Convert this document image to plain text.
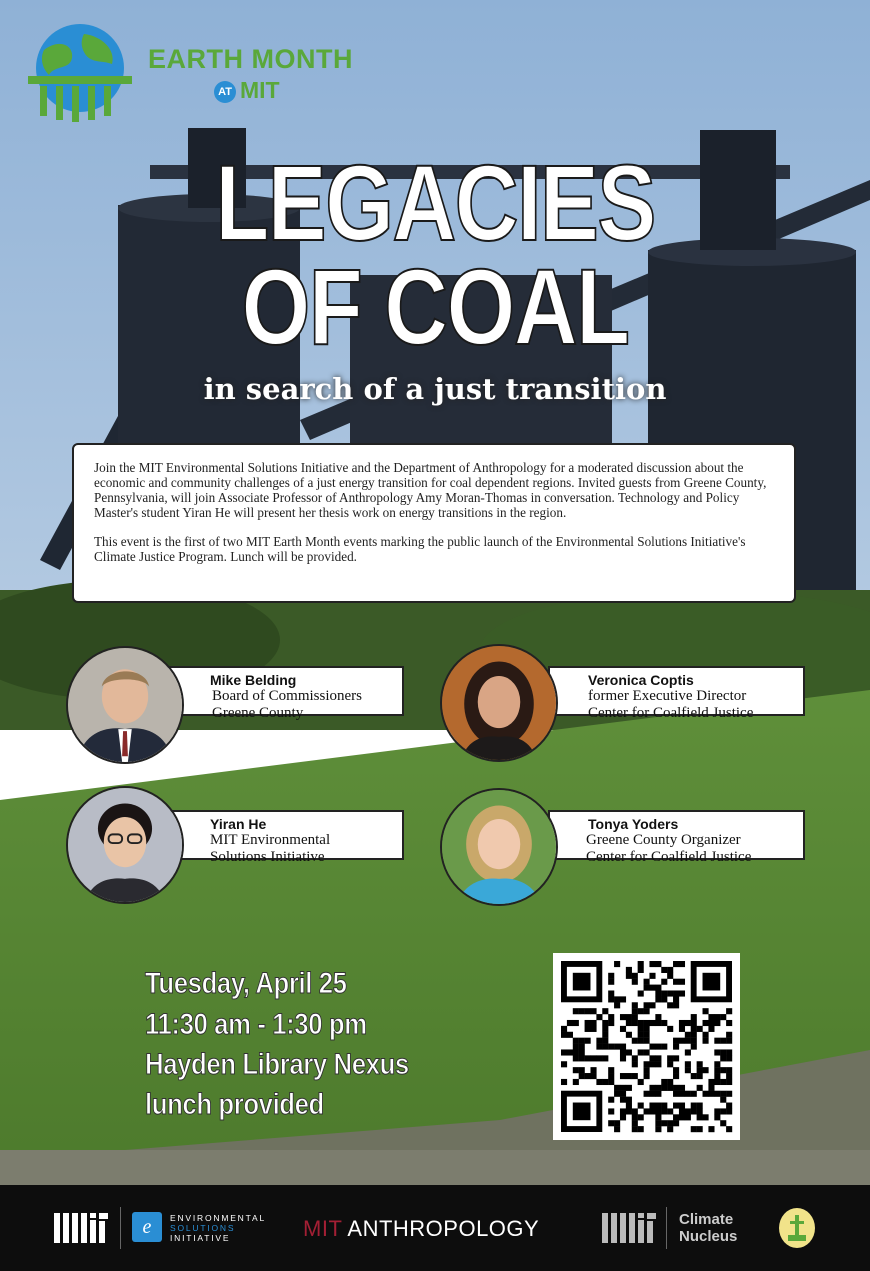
EARTH MONTH
AT MIT
LEGACIES
OF COAL
in search of a just transition

Join the MIT Environmental Solutions Initiative and the Department of Anthropology for a moderated discussion about the economic and community challenges of a just energy transition for coal dependent regions. Invited guests from Greene County, Pennsylvania, will join Associate Professor of Anthropology Amy Moran-Thomas in conversation. Technology and Policy Master's student Yiran He will present her thesis work on energy transitions in the region.

This event is the first of two MIT Earth Month events marking the public launch of the Environmental Solutions Initiative's Climate Justice Program. Lunch will be provided.

Mike Belding
Board of Commissioners
Greene County
Veronica Coptis
former Executive Director
Center for Coalfield Justice
Yiran He
MIT Environmental
Solutions Initiative
Tonya Yoders
Greene County Organizer
Center for Coalfield Justice
Tuesday, April 25
11:30 am - 1:30 pm
Hayden Library Nexus
lunch provided
e	ENVIRONMENTAL
SOLUTIONS
INITIATIVE	MIT ANTHROPOLOGY	Climate
Nucleus
